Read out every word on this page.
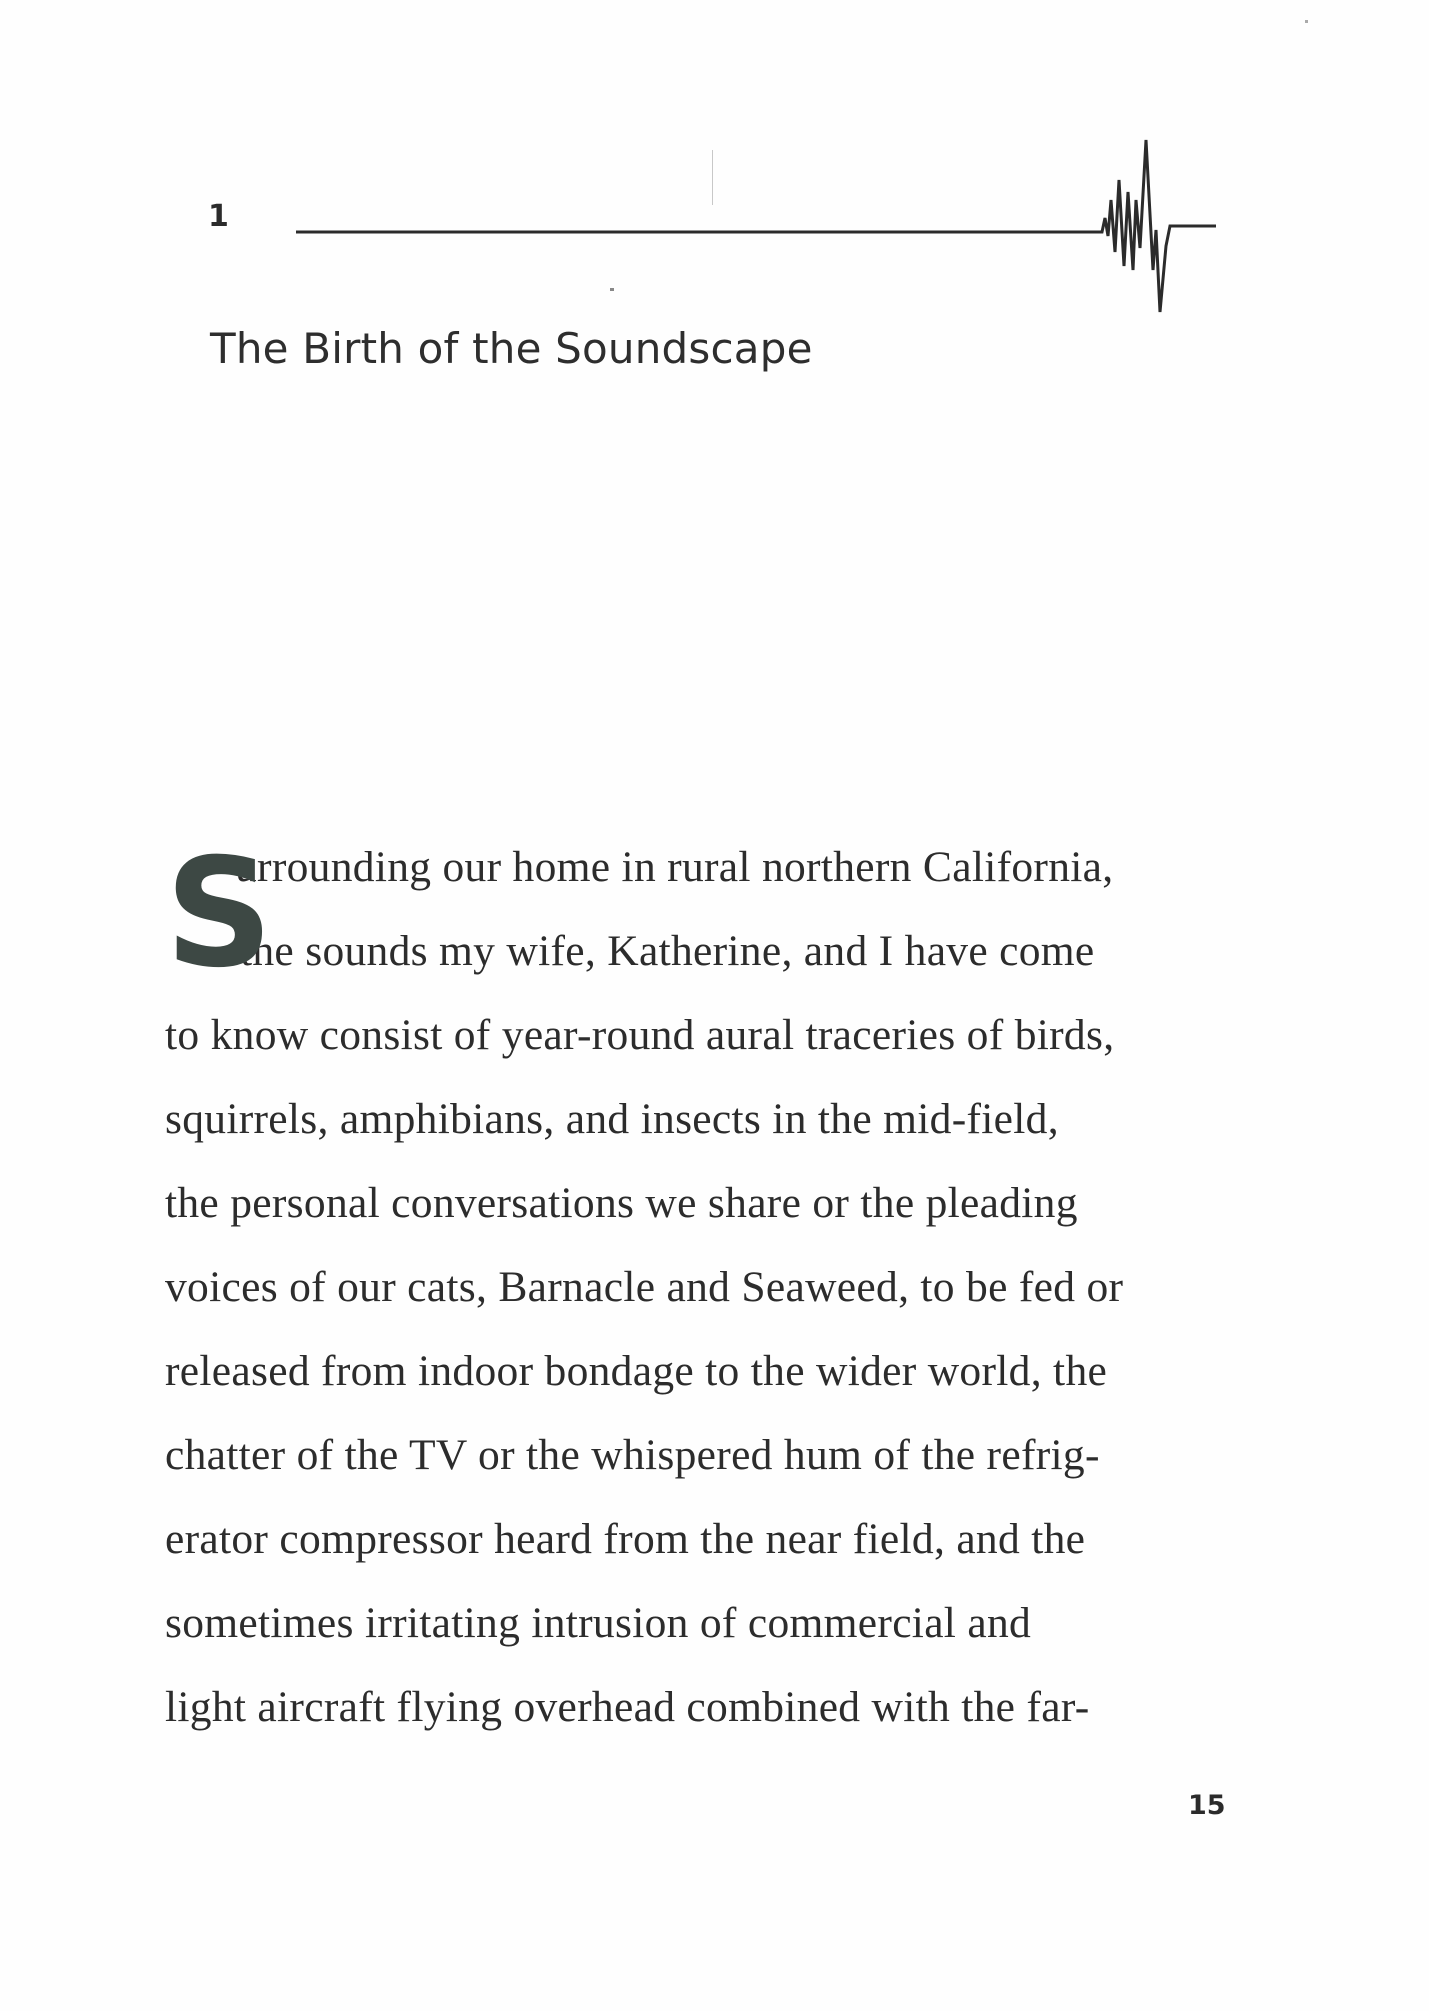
1
The Birth of the Soundscape
S
urrounding our home in rural northern California,
the sounds my wife, Katherine, and I have come
to know consist of year-round aural traceries of birds,
squirrels, amphibians, and insects in the mid-field,
the personal conversations we share or the pleading
voices of our cats, Barnacle and Seaweed, to be fed or
released from indoor bondage to the wider world, the
chatter of the TV or the whispered hum of the refrig-
erator compressor heard from the near field, and the
sometimes irritating intrusion of commercial and
light aircraft flying overhead combined with the far-
15
